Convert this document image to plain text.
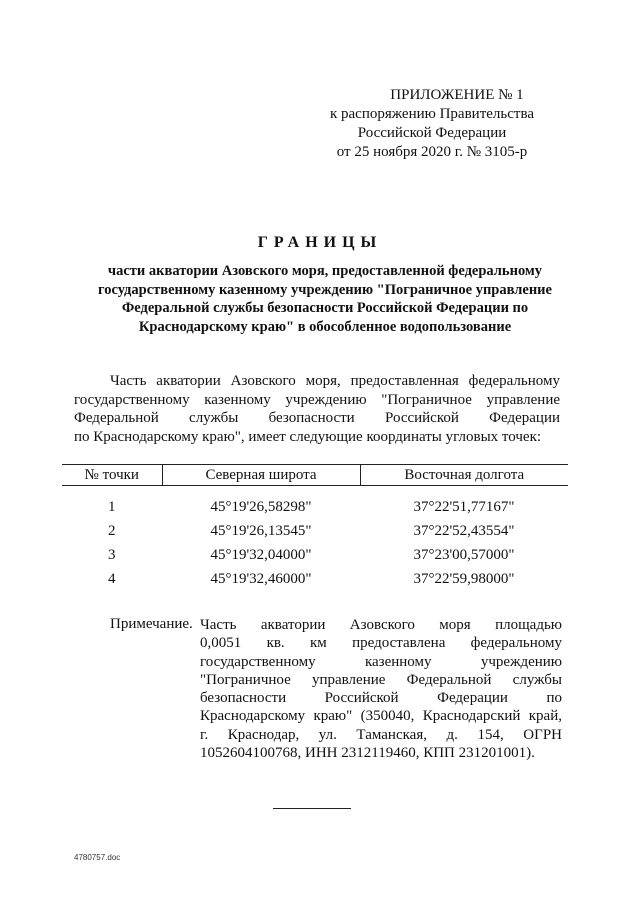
ПРИЛОЖЕНИЕ № 1
к распоряжению Правительства
Российской Федерации
от 25 ноября 2020 г. № 3105-р
ГРАНИЦЫ
части акватории Азовского моря, предоставленной федеральному
государственному казенному учреждению "Пограничное управление
Федеральной службы безопасности Российской Федерации по
Краснодарскому краю" в обособленное водопользование
Часть акватории Азовского моря, предоставленная федеральному
государственному казенному учреждению "Пограничное управление
Федеральной службы безопасности Российской Федерации
по Краснодарскому краю", имеет следующие координаты угловых точек:
№ точки	Северная широта	Восточная долгота

1	45°19'26,58298"	37°22'51,77167"
2	45°19'26,13545"	37°22'52,43554"
3	45°19'32,04000"	37°23'00,57000"
4	45°19'32,46000"	37°22'59,98000"
Примечание. Часть акватории Азовского моря площадью
0,0051 кв. км предоставлена федеральному
государственному казенному учреждению
"Пограничное управление Федеральной службы
безопасности Российской Федерации по
Краснодарскому краю" (350040, Краснодарский край,
г. Краснодар, ул. Таманская, д. 154, ОГРН
1052604100768, ИНН 2312119460, КПП 231201001).
4780757.doc
